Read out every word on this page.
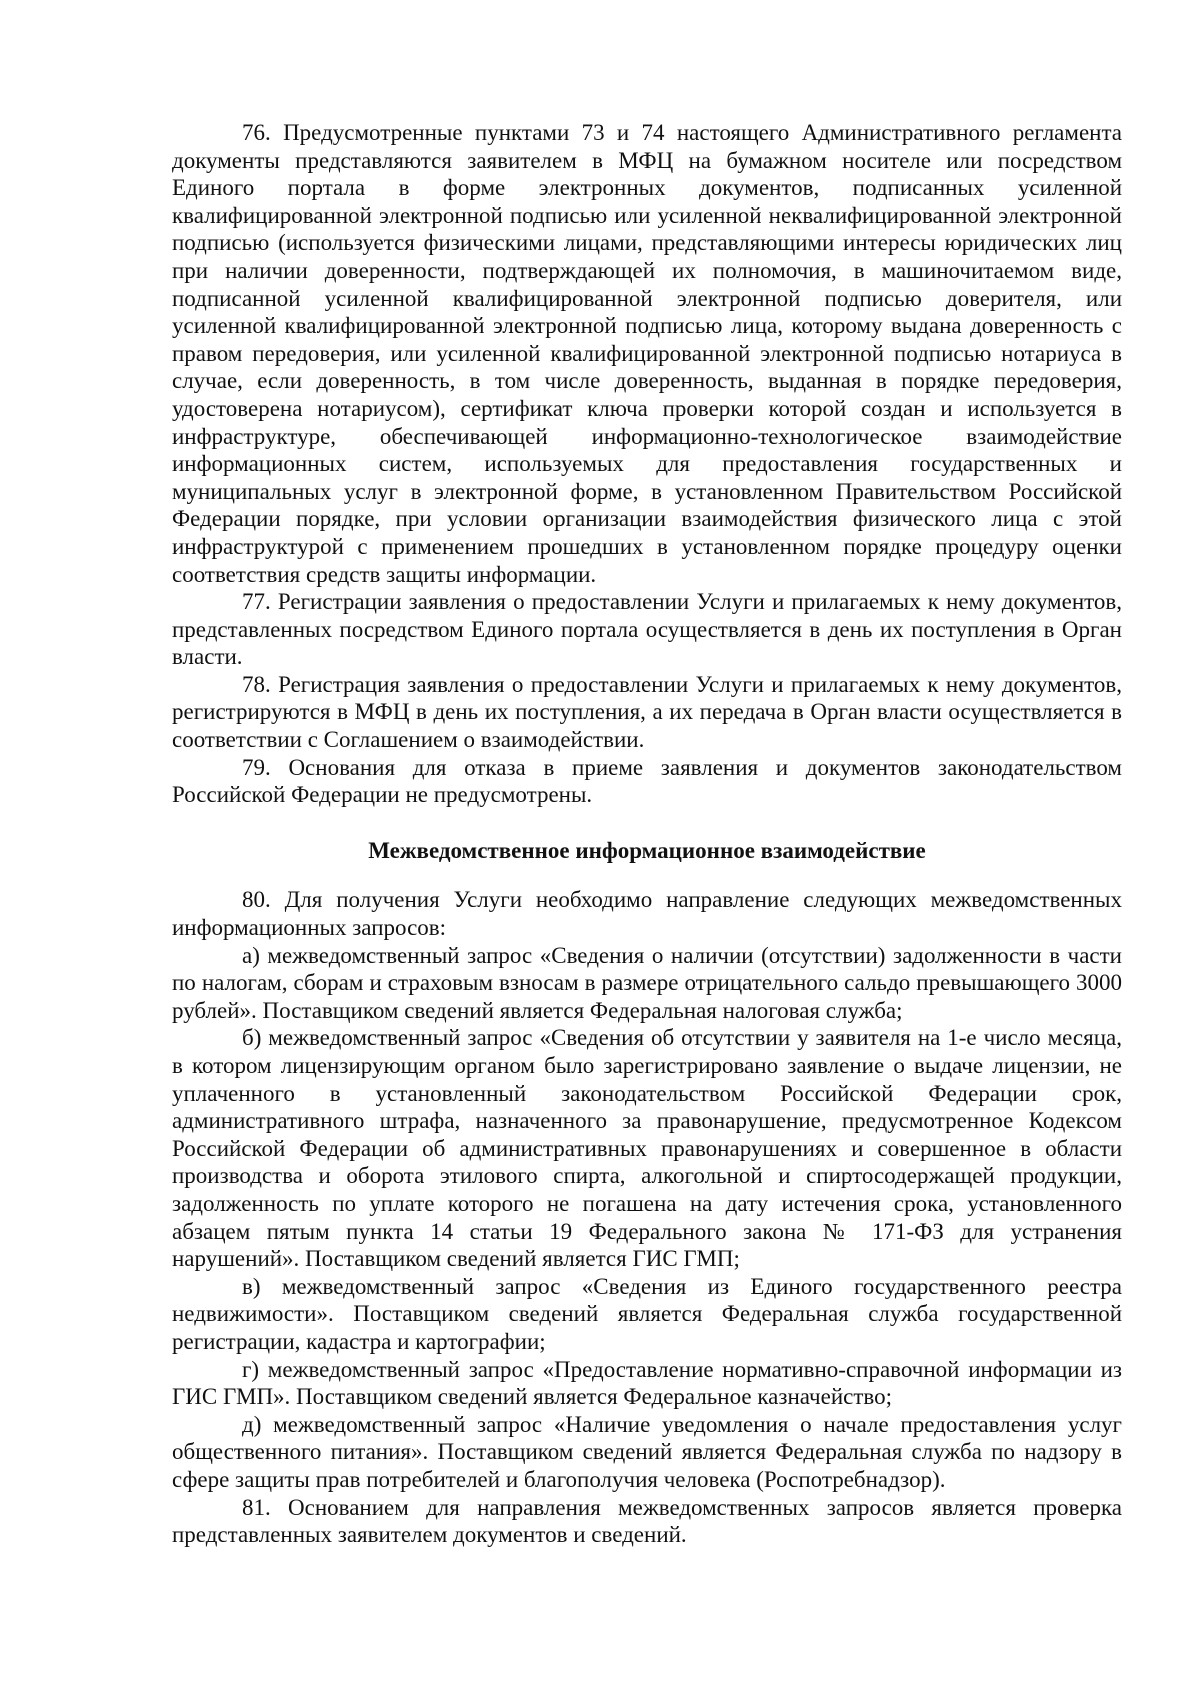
76. Предусмотренные пунктами 73 и 74 настоящего Административного регламента документы представляются заявителем в МФЦ на бумажном носителе или посредством Единого портала в форме электронных документов, подписанных усиленной квалифицированной электронной подписью или усиленной неквалифицированной электронной подписью (используется физическими лицами, представляющими интересы юридических лиц при наличии доверенности, подтверждающей их полномочия, в машиночитаемом виде, подписанной усиленной квалифицированной электронной подписью доверителя, или усиленной квалифицированной электронной подписью лица, которому выдана доверенность с правом передоверия, или усиленной квалифицированной электронной подписью нотариуса в случае, если доверенность, в том числе доверенность, выданная в порядке передоверия, удостоверена нотариусом), сертификат ключа проверки которой создан и используется в инфраструктуре, обеспечивающей информационно-технологическое взаимодействие информационных систем, используемых для предоставления государственных и муниципальных услуг в электронной форме, в установленном Правительством Российской Федерации порядке, при условии организации взаимодействия физического лица с этой инфраструктурой с применением прошедших в установленном порядке процедуру оценки соответствия средств защиты информации.

77. Регистрации заявления о предоставлении Услуги и прилагаемых к нему документов, представленных посредством Единого портала осуществляется в день их поступления в Орган власти.

78. Регистрация заявления о предоставлении Услуги и прилагаемых к нему документов, регистрируются в МФЦ в день их поступления, а их передача в Орган власти осуществляется в соответствии с Соглашением о взаимодействии.

79. Основания для отказа в приеме заявления и документов законодательством Российской Федерации не предусмотрены.

Межведомственное информационное взаимодействие

80. Для получения Услуги необходимо направление следующих межведомственных информационных запросов:

а) межведомственный запрос «Сведения о наличии (отсутствии) задолженности в части по налогам, сборам и страховым взносам в размере отрицательного сальдо превышающего 3000 рублей». Поставщиком сведений является Федеральная налоговая служба;

б) межведомственный запрос «Сведения об отсутствии у заявителя на 1-е число месяца, в котором лицензирующим органом было зарегистрировано заявление о выдаче лицензии, не уплаченного в установленный законодательством Российской Федерации срок, административного штрафа, назначенного за правонарушение, предусмотренное Кодексом Российской Федерации об административных правонарушениях и совершенное в области производства и оборота этилового спирта, алкогольной и спиртосодержащей продукции, задолженность по уплате которого не погашена на дату истечения срока, установленного абзацем пятым пункта 14 статьи 19 Федерального закона № 171-ФЗ для устранения нарушений». Поставщиком сведений является ГИС ГМП;

в) межведомственный запрос «Сведения из Единого государственного реестра недвижимости». Поставщиком сведений является Федеральная служба государственной регистрации, кадастра и картографии;

г) межведомственный запрос «Предоставление нормативно-справочной информации из ГИС ГМП». Поставщиком сведений является Федеральное казначейство;

д) межведомственный запрос «Наличие уведомления о начале предоставления услуг общественного питания». Поставщиком сведений является Федеральная служба по надзору в сфере защиты прав потребителей и благополучия человека (Роспотребнадзор).

81. Основанием для направления межведомственных запросов является проверка представленных заявителем документов и сведений.
